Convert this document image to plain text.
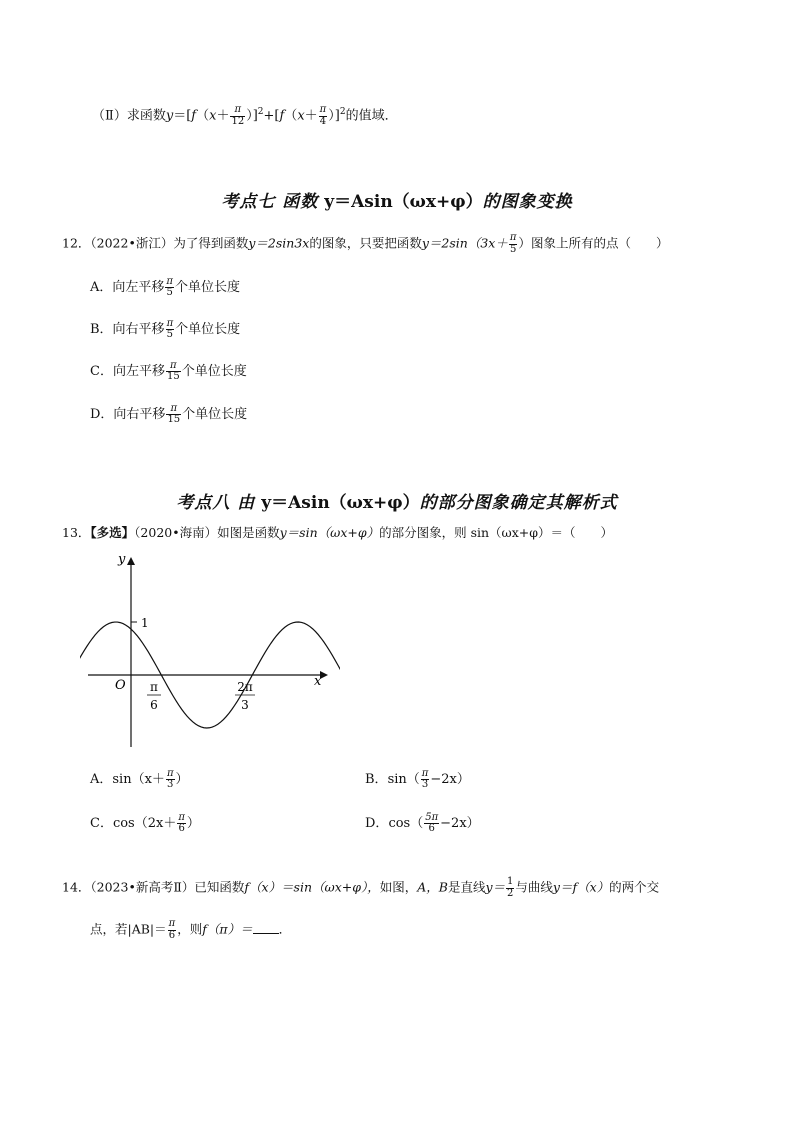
（Ⅱ）求函数$y=[f(x+ \frac{\pi}{12} )]^2+[f(x+ \frac{\pi}{4} )]^2$的值域．
考点七 函数 y＝Asin（ωx+φ）的图象变换
12．（2022•浙江）为了得到函数y＝2sin3x的图象，只要把函数$y=2\sin(3x+ \frac{\pi}{5}$ ）图象上所有的点（　　）
A．向左平移 $\frac{\pi}{5}$ 个单位长度
B．向右平移 $\frac{\pi}{5}$ 个单位长度
C．向左平移 $\frac{\pi}{15}$ 个单位长度
D．向右平移 $\frac{\pi}{15}$ 个单位长度
考点八 由 y＝Asin（ωx+φ）的部分图象确定其解析式
13．【多选】（2020•海南）如图是函数y＝sin（ωx+φ）的部分图象，则 sin（ωx+φ）＝（　　）
1
y
x
O π
6
2π
3
A．$\sin(x+ \frac{\pi}{3}$ ）	B．$\sin( \frac{\pi}{3} -2x)$
C．$\cos(2x+ \frac{\pi}{6}$ ）	D．$\cos( \frac{5\pi}{6} -2x)$
14．（2023•新高考Ⅱ）已知函数f（x）＝sin（ωx+φ），如图，A，B是直线$y= \frac{1}{2}$ 与曲线y＝f（x）的两个交
点，若$|AB|= \frac{\pi}{6}$ ，则f（π）＝ ．
